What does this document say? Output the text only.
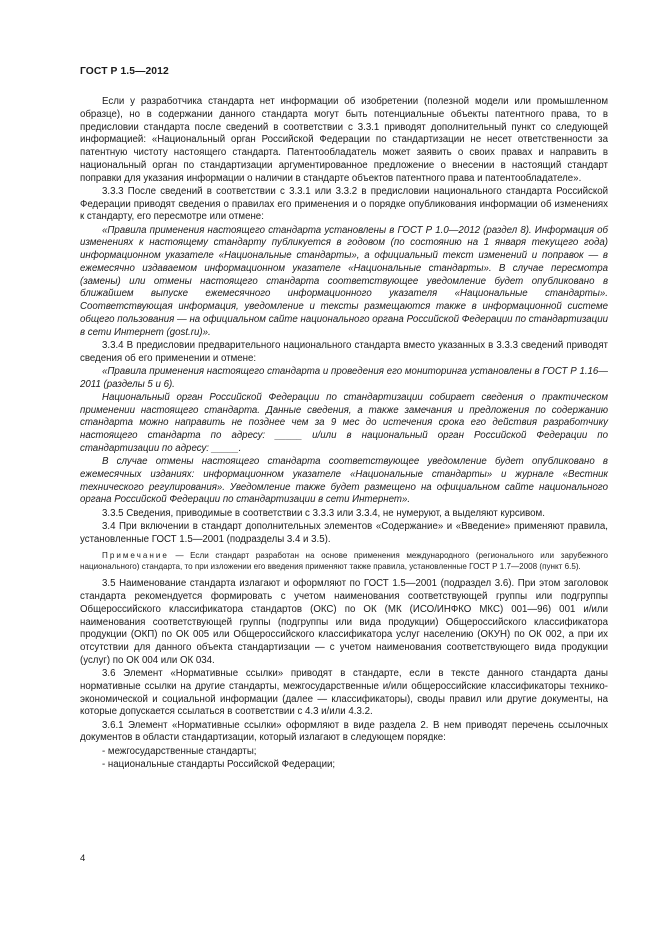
ГОСТ Р 1.5—2012

Если у разработчика стандарта нет информации об изобретении (полезной модели или промышленном образце), но в содержании данного стандарта могут быть потенциальные объекты патентного права, то в предисловии стандарта после сведений в соответствии с 3.3.1 приводят дополнительный пункт со следующей информацией: «Национальный орган Российской Федерации по стандартизации не несет ответственности за патентную чистоту настоящего стандарта. Патентообладатель может заявить о своих правах и направить в национальный орган по стандартизации аргументированное предложение о внесении в настоящий стандарт поправки для указания информации о наличии в стандарте объектов патентного права и патентообладателе».

3.3.3 После сведений в соответствии с 3.3.1 или 3.3.2 в предисловии национального стандарта Российской Федерации приводят сведения о правилах его применения и о порядке опубликования информации об изменениях к стандарту, его пересмотре или отмене:

«Правила применения настоящего стандарта установлены в ГОСТ Р 1.0—2012 (раздел 8). Информация об изменениях к настоящему стандарту публикуется в годовом (по состоянию на 1 января текущего года) информационном указателе «Национальные стандарты», а официальный текст изменений и поправок — в ежемесячно издаваемом информационном указателе «Национальные стандарты». В случае пересмотра (замены) или отмены настоящего стандарта соответствующее уведомление будет опубликовано в ближайшем выпуске ежемесячного информационного указателя «Национальные стандарты». Соответствующая информация, уведомление и тексты размещаются также в информационной системе общего пользования — на официальном сайте национального органа Российской Федерации по стандартизации в сети Интернет (gost.ru)».

3.3.4 В предисловии предварительного национального стандарта вместо указанных в 3.3.3 сведений приводят сведения об его применении и отмене:

«Правила применения настоящего стандарта и проведения его мониторинга установлены в ГОСТ Р 1.16—2011 (разделы 5 и 6).

Национальный орган Российской Федерации по стандартизации собирает сведения о практическом применении настоящего стандарта. Данные сведения, а также замечания и предложения по содержанию стандарта можно направить не позднее чем за 9 мес до истечения срока его действия разработчику настоящего стандарта по адресу: _____ и/или в национальный орган Российской Федерации по стандартизации по адресу: _____.

В случае отмены настоящего стандарта соответствующее уведомление будет опубликовано в ежемесячных изданиях: информационном указателе «Национальные стандарты» и журнале «Вестник технического регулирования». Уведомление также будет размещено на официальном сайте национального органа Российской Федерации по стандартизации в сети Интернет».

3.3.5 Сведения, приводимые в соответствии с 3.3.3 или 3.3.4, не нумеруют, а выделяют курсивом.

3.4 При включении в стандарт дополнительных элементов «Содержание» и «Введение» применяют правила, установленные ГОСТ 1.5—2001 (подразделы 3.4 и 3.5).

Примечание — Если стандарт разработан на основе применения международного (регионального или зарубежного национального) стандарта, то при изложении его введения применяют также правила, установленные ГОСТ Р 1.7—2008 (пункт 6.5).

3.5 Наименование стандарта излагают и оформляют по ГОСТ 1.5—2001 (подраздел 3.6). При этом заголовок стандарта рекомендуется формировать с учетом наименования соответствующей группы или подгруппы Общероссийского классификатора стандартов (ОКС) по ОК (МК (ИСО/ИНФКО МКС) 001—96) 001 и/или наименования соответствующей группы (подгруппы или вида продукции) Общероссийского классификатора продукции (ОКП) по ОК 005 или Общероссийского классификатора услуг населению (ОКУН) по ОК 002, а при их отсутствии для данного объекта стандартизации — с учетом наименования соответствующего вида продукции (услуг) по ОК 004 или ОК 034.

3.6 Элемент «Нормативные ссылки» приводят в стандарте, если в тексте данного стандарта даны нормативные ссылки на другие стандарты, межгосударственные и/или общероссийские классификаторы технико-экономической и социальной информации (далее — классификаторы), своды правил или другие документы, на которые допускается ссылаться в соответствии с 4.3 и/или 4.3.2.

3.6.1 Элемент «Нормативные ссылки» оформляют в виде раздела 2. В нем приводят перечень ссылочных документов в области стандартизации, который излагают в следующем порядке:

- межгосударственные стандарты;

- национальные стандарты Российской Федерации;

4
